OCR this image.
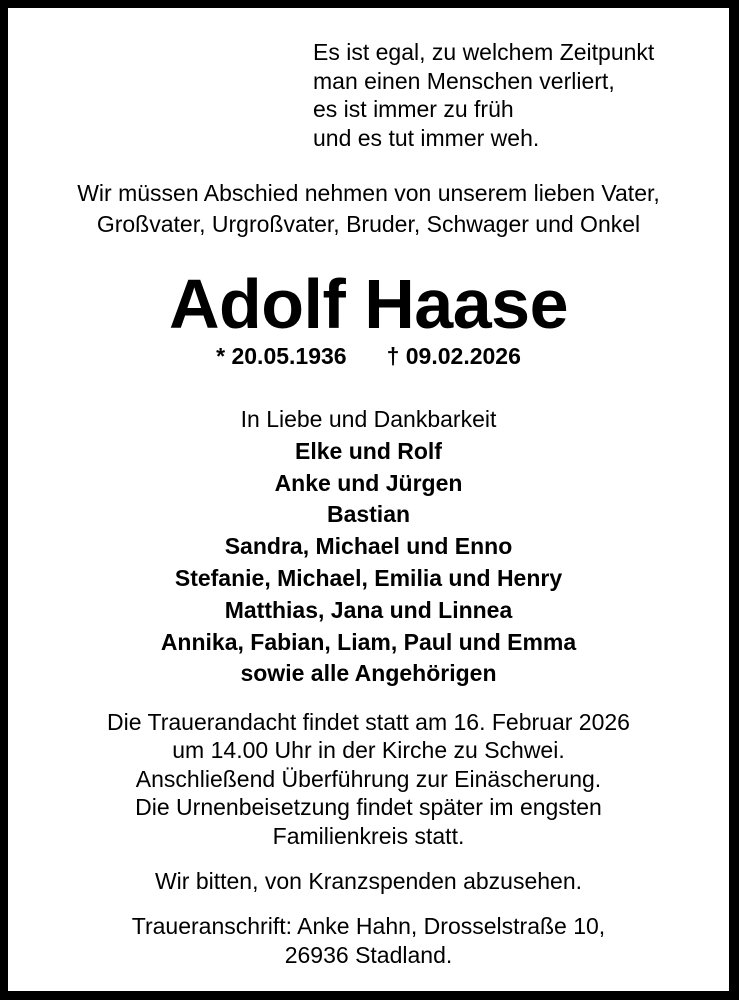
Es ist egal, zu welchem Zeitpunkt
man einen Menschen verliert,
es ist immer zu früh
und es tut immer weh.
Wir müssen Abschied nehmen von unserem lieben Vater,
Großvater, Urgroßvater, Bruder, Schwager und Onkel
Adolf Haase
* 20.05.1936 † 09.02.2026
In Liebe und Dankbarkeit
Elke und Rolf
Anke und Jürgen
Bastian
Sandra, Michael und Enno
Stefanie, Michael, Emilia und Henry
Matthias, Jana und Linnea
Annika, Fabian, Liam, Paul und Emma
sowie alle Angehörigen
Die Trauerandacht findet statt am 16. Februar 2026
um 14.00 Uhr in der Kirche zu Schwei.
Anschließend Überführung zur Einäscherung.
Die Urnenbeisetzung findet später im engsten
Familienkreis statt.
Wir bitten, von Kranzspenden abzusehen.
Traueranschrift: Anke Hahn, Drosselstraße 10,
26936 Stadland.
